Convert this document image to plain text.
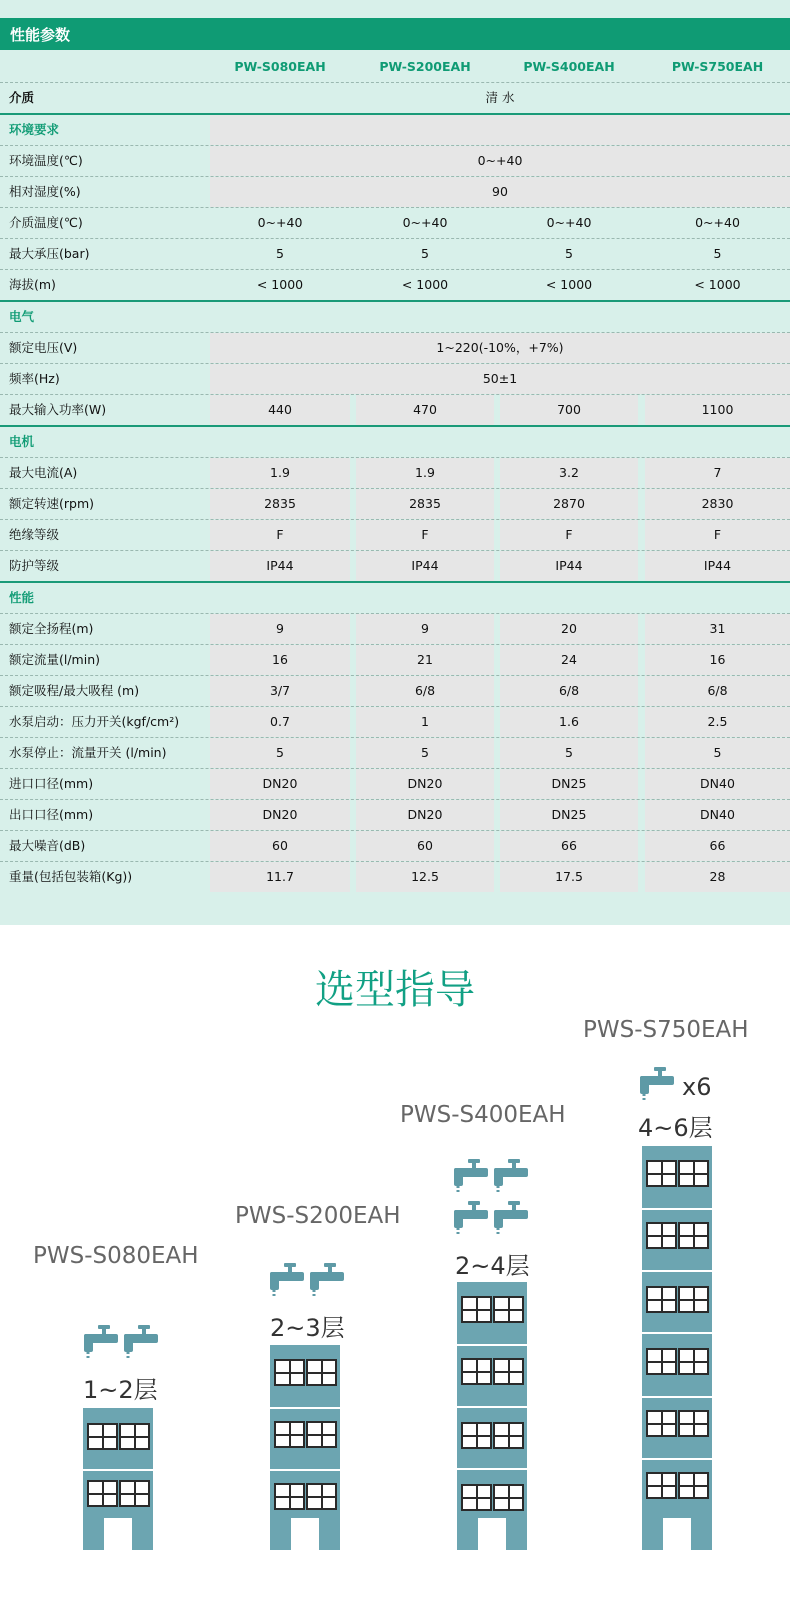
性能参数
PW-S080EAH	PW-S200EAH	PW-S400EAH	PW-S750EAH
介质	清 水
环境要求
环境温度(℃)	0~+40
相对湿度(%)	90
介质温度(℃)	0~+40	0~+40	0~+40	0~+40
最大承压(bar)	5	5	5	5
海拔(m)	< 1000	< 1000	< 1000	< 1000
电气
额定电压(V)	1~220(-10%，+7%)
频率(Hz)	50±1
最大输入功率(W)	440	470	700	1100
电机
最大电流(A)	1.9	1.9	3.2	7
额定转速(rpm)	2835	2835	2870	2830
绝缘等级	F	F	F	F
防护等级	IP44	IP44	IP44	IP44
性能
额定全扬程(m)	9	9	20	31
额定流量(l/min)	16	21	24	16
额定吸程/最大吸程 (m)	3/7	6/8	6/8	6/8
水泵启动：压力开关(kgf/cm²)	0.7	1	1.6	2.5
水泵停止：流量开关 (l/min)	5	5	5	5
进口口径(mm)	DN20	DN20	DN25	DN40
出口口径(mm)	DN20	DN20	DN25	DN40
最大噪音(dB)	60	60	66	66
重量(包括包装箱(Kg))	11.7	12.5	17.5	28
选型指导
PWS-S080EAH
PWS-S200EAH
PWS-S400EAH
PWS-S750EAH
1~2层
2~3层
2~4层
4~6层
x6
